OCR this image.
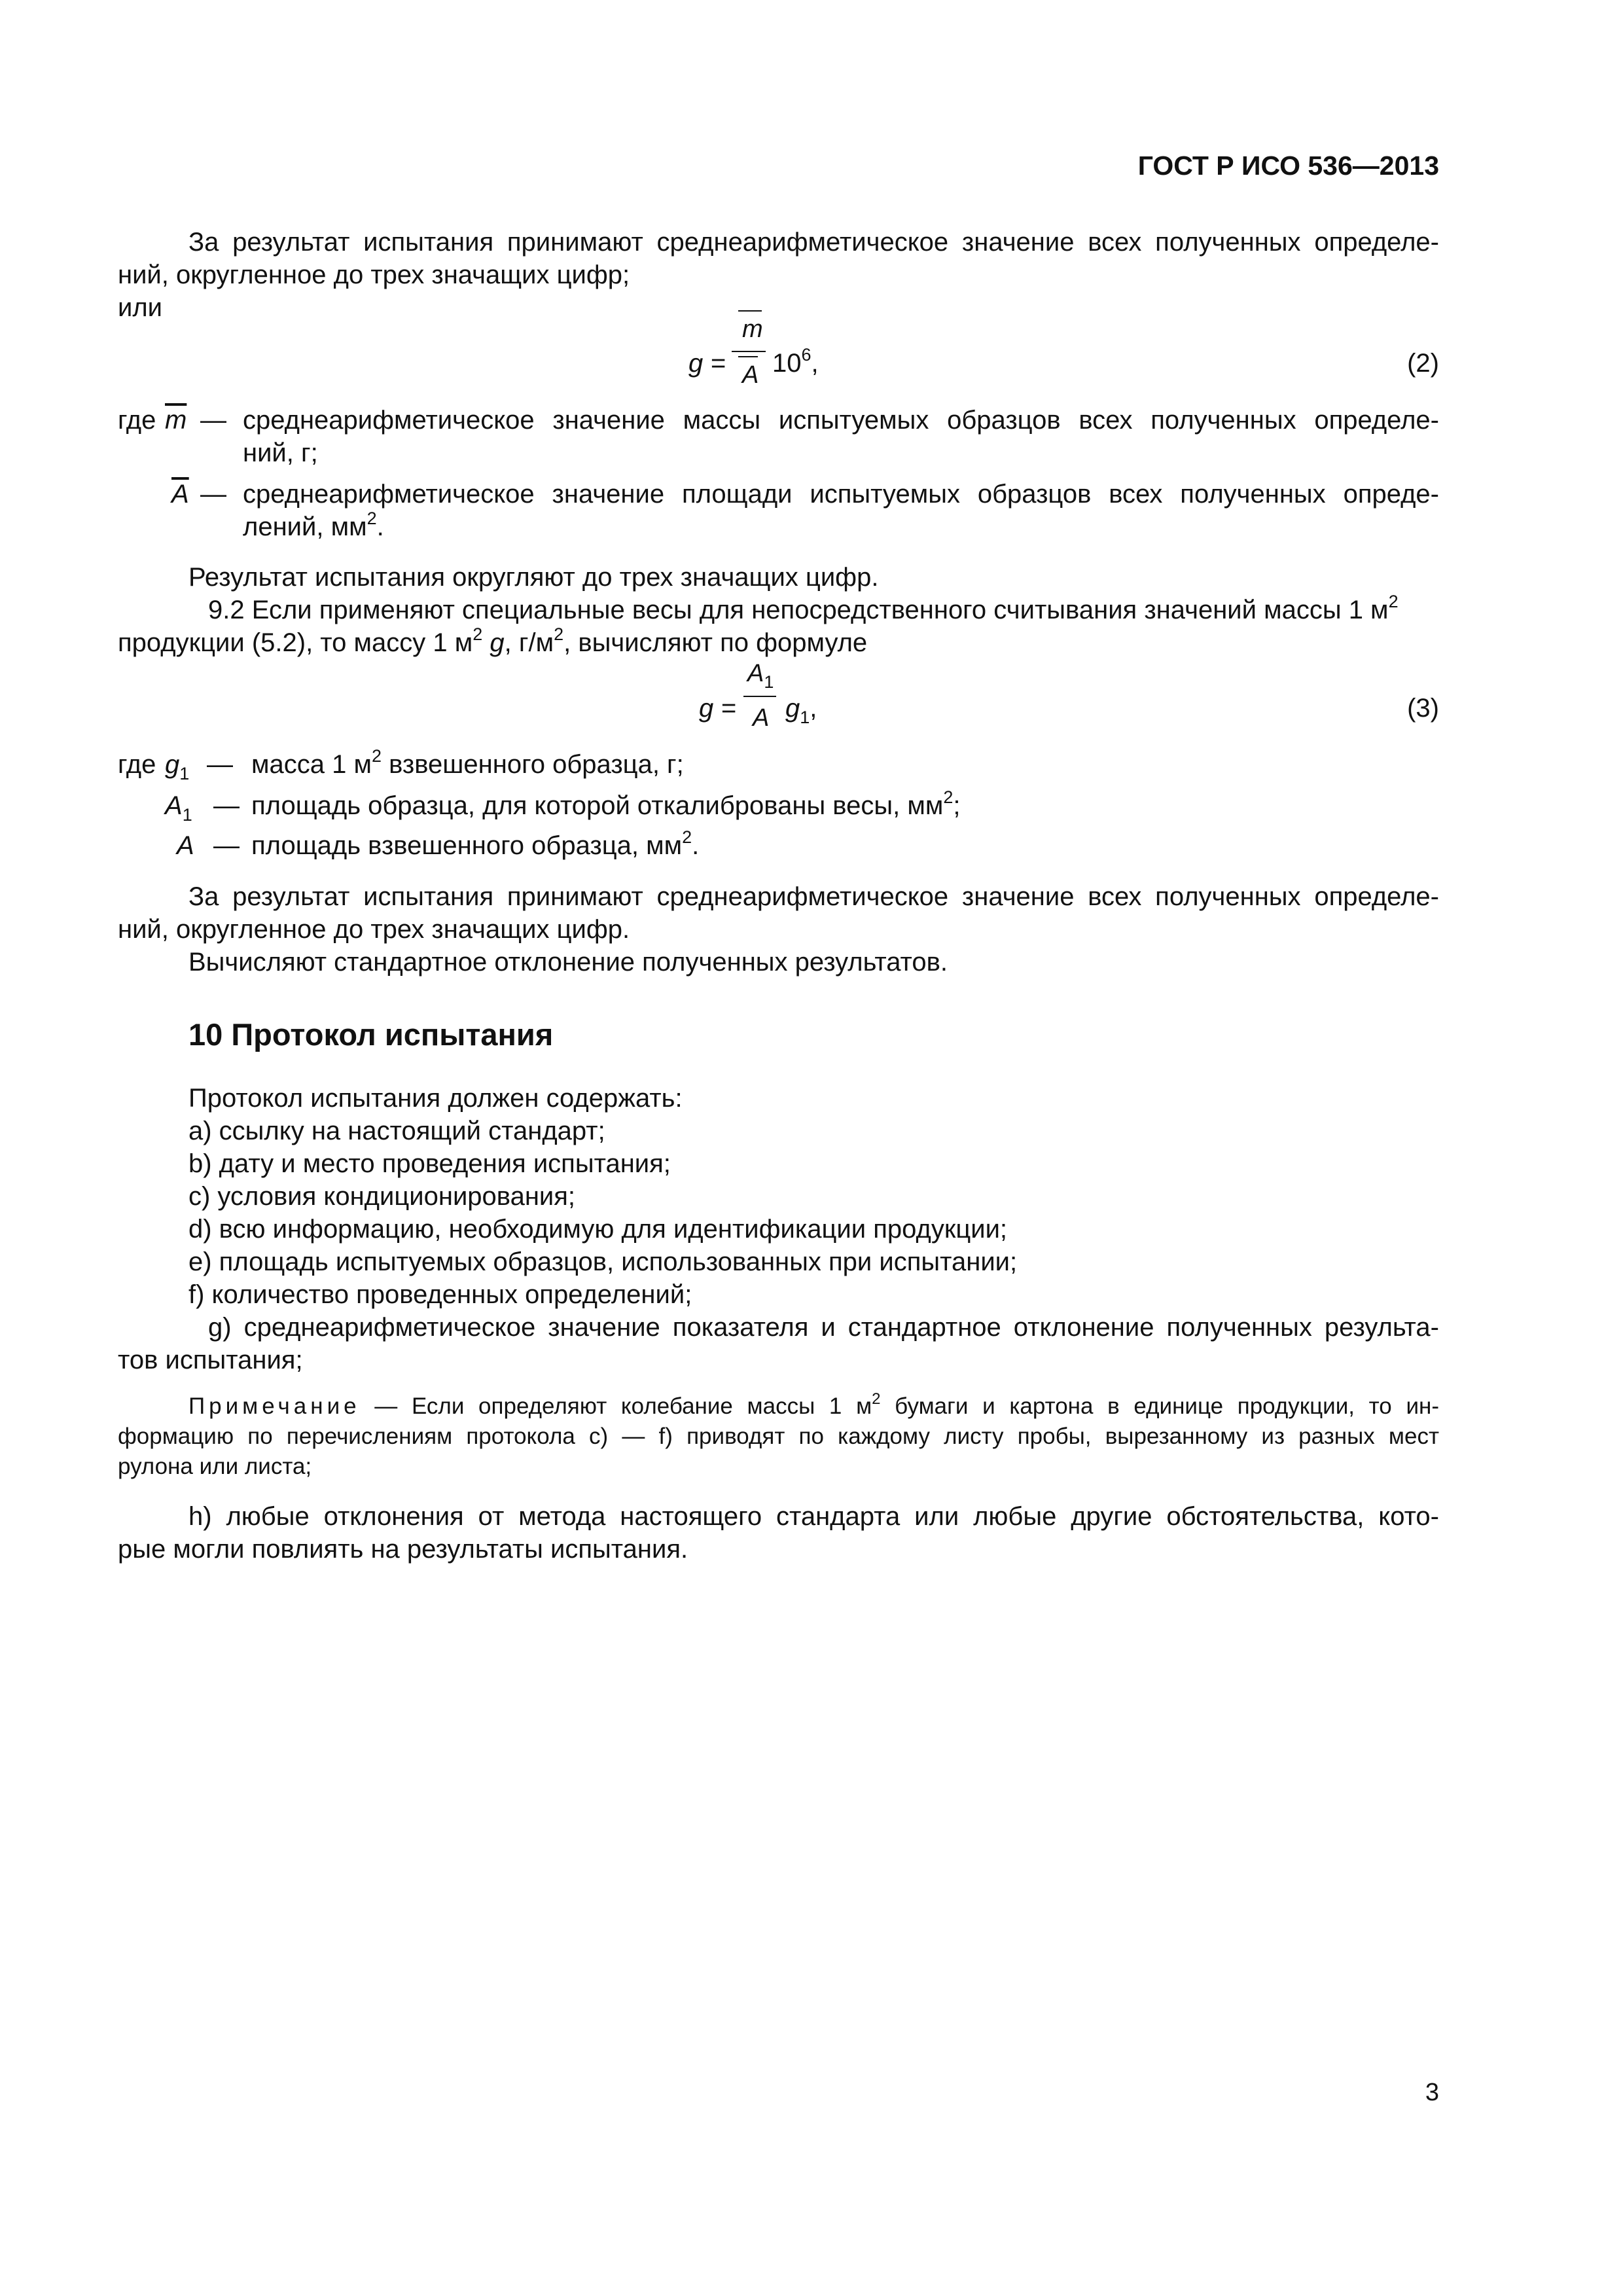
ГОСТ Р ИСО 536—2013
За результат испытания принимают среднеарифметическое значение всех полученных определе-
ний, округленное до трех значащих цифр;
или
g =
m
A $10^6$,	(2)
где $\overline{m}$ — среднеарифметическое значение массы испытуемых образцов всех полученных определе-
ний, г;
$\overline{A}$ — среднеарифметическое значение площади испытуемых образцов всех полученных опреде-
лений, $мм^2$.
Результат испытания округляют до трех значащих цифр.
9.2 Если применяют специальные весы для непосредственного считывания значений массы 1 $м^2$
продукции (5.2), то массу 1 $м^2$ g, $г/м^2$, вычисляют по формуле
g =
$A_1$
A $g_1$,	(3)
где $g_1$ — масса 1 $м^2$ взвешенного образца, г;
$A_1$ — площадь образца, для которой откалиброваны весы, $мм^2$;
A — площадь взвешенного образца, $мм^2$.
За результат испытания принимают среднеарифметическое значение всех полученных определе-
ний, округленное до трех значащих цифр.
Вычисляют стандартное отклонение полученных результатов.
10 Протокол испытания
Протокол испытания должен содержать:
a) ссылку на настоящий стандарт;
b) дату и место проведения испытания;
c) условия кондиционирования;
d) всю информацию, необходимую для идентификации продукции;
e) площадь испытуемых образцов, использованных при испытании;
f) количество проведенных определений;
g) среднеарифметическое значение показателя и стандартное отклонение полученных результа-
тов испытания;
Примечание — Если определяют колебание массы 1 $м^2$ бумаги и картона в единице продукции, то ин-
формацию по перечислениям протокола c) — f) приводят по каждому листу пробы, вырезанному из разных мест
рулона или листа;
h) любые отклонения от метода настоящего стандарта или любые другие обстоятельства, кото-
рые могли повлиять на результаты испытания.
3
